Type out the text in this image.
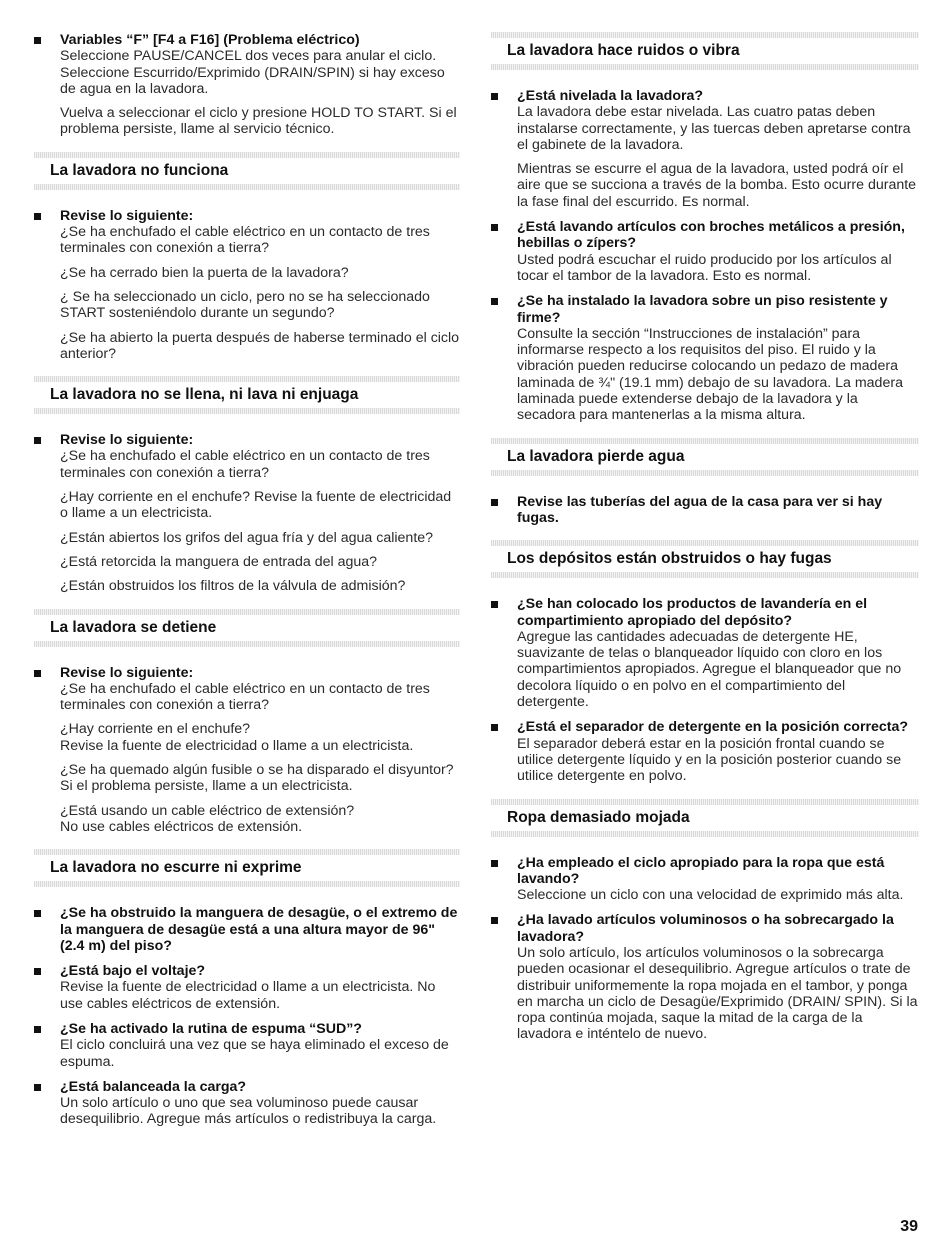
Variables “F” [F4 a F16] (Problema eléctrico)
Seleccione PAUSE/CANCEL dos veces para anular el ciclo. Seleccione Escurrido/Exprimido (DRAIN/SPIN) si hay exceso de agua en la lavadora.
Vuelva a seleccionar el ciclo y presione HOLD TO START. Si el problema persiste, llame al servicio técnico.
La lavadora no funciona
Revise lo siguiente:
¿Se ha enchufado el cable eléctrico en un contacto de tres terminales con conexión a tierra?
¿Se ha cerrado bien la puerta de la lavadora?
¿ Se ha seleccionado un ciclo, pero no se ha seleccionado START sosteniéndolo durante un segundo?
¿Se ha abierto la puerta después de haberse terminado el ciclo anterior?
La lavadora no se llena, ni lava ni enjuaga
Revise lo siguiente:
¿Se ha enchufado el cable eléctrico en un contacto de tres terminales con conexión a tierra?
¿Hay corriente en el enchufe? Revise la fuente de electricidad o llame a un electricista.
¿Están abiertos los grifos del agua fría y del agua caliente?
¿Está retorcida la manguera de entrada del agua?
¿Están obstruidos los filtros de la válvula de admisión?
La lavadora se detiene
Revise lo siguiente:
¿Se ha enchufado el cable eléctrico en un contacto de tres terminales con conexión a tierra?
¿Hay corriente en el enchufe?
Revise la fuente de electricidad o llame a un electricista.
¿Se ha quemado algún fusible o se ha disparado el disyuntor?
Si el problema persiste, llame a un electricista.
¿Está usando un cable eléctrico de extensión?
No use cables eléctricos de extensión.
La lavadora no escurre ni exprime
¿Se ha obstruido la manguera de desagüe, o el extremo de la manguera de desagüe está a una altura mayor de 96" (2.4 m) del piso?
¿Está bajo el voltaje?
Revise la fuente de electricidad o llame a un electricista. No use cables eléctricos de extensión.
¿Se ha activado la rutina de espuma “SUD”?
El ciclo concluirá una vez que se haya eliminado el exceso de espuma.
¿Está balanceada la carga?
Un solo artículo o uno que sea voluminoso puede causar desequilibrio. Agregue más artículos o redistribuya la carga.
La lavadora hace ruidos o vibra
¿Está nivelada la lavadora?
La lavadora debe estar nivelada. Las cuatro patas deben instalarse correctamente, y las tuercas deben apretarse contra el gabinete de la lavadora.
Mientras se escurre el agua de la lavadora, usted podrá oír el aire que se succiona a través de la bomba. Esto ocurre durante la fase final del escurrido. Es normal.
¿Está lavando artículos con broches metálicos a presión, hebillas o zípers?
Usted podrá escuchar el ruido producido por los artículos al tocar el tambor de la lavadora. Esto es normal.
¿Se ha instalado la lavadora sobre un piso resistente y firme?
Consulte la sección “Instrucciones de instalación” para informarse respecto a los requisitos del piso. El ruido y la vibración pueden reducirse colocando un pedazo de madera laminada de ¾" (19.1 mm) debajo de su lavadora. La madera laminada puede extenderse debajo de la lavadora y la secadora para mantenerlas a la misma altura.
La lavadora pierde agua
Revise las tuberías del agua de la casa para ver si hay fugas.
Los depósitos están obstruidos o hay fugas
¿Se han colocado los productos de lavandería en el compartimiento apropiado del depósito?
Agregue las cantidades adecuadas de detergente HE, suavizante de telas o blanqueador líquido con cloro en los compartimientos apropiados. Agregue el blanqueador que no decolora líquido o en polvo en el compartimiento del detergente.
¿Está el separador de detergente en la posición correcta?
El separador deberá estar en la posición frontal cuando se utilice detergente líquido y en la posición posterior cuando se utilice detergente en polvo.
Ropa demasiado mojada
¿Ha empleado el ciclo apropiado para la ropa que está lavando?
Seleccione un ciclo con una velocidad de exprimido más alta.
¿Ha lavado artículos voluminosos o ha sobrecargado la lavadora?
Un solo artículo, los artículos voluminosos o la sobrecarga pueden ocasionar el desequilibrio. Agregue artículos o trate de distribuir uniformemente la ropa mojada en el tambor, y ponga en marcha un ciclo de Desagüe/Exprimido (DRAIN/ SPIN). Si la ropa continúa mojada, saque la mitad de la carga de la lavadora e inténtelo de nuevo.
39
